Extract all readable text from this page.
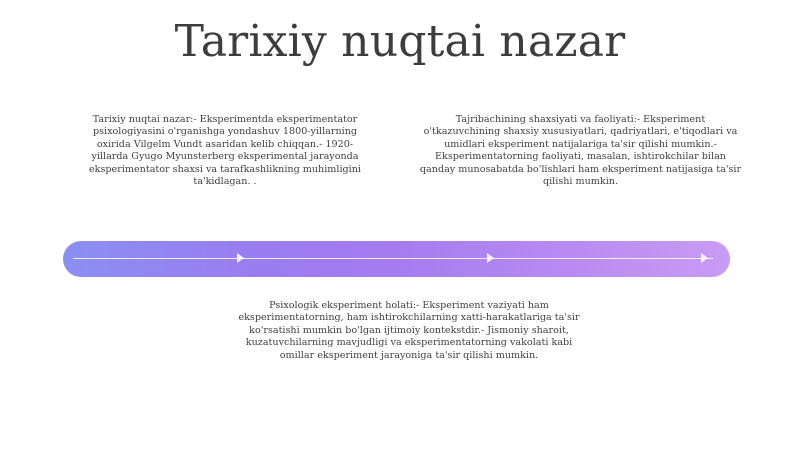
Tarixiy nuqtai nazar

Tarixiy nuqtai nazar:- Eksperimentda eksperimentator psixologiyasini o'rganishga yondashuv 1800-yillarning oxirida Vilgelm Vundt asaridan kelib chiqqan.- 1920-yillarda Gyugo Myunsterberg eksperimental jarayonda eksperimentator shaxsi va tarafkashlikning muhimligini ta'kidlagan. .

Tajribachining shaxsiyati va faoliyati:- Eksperiment o'tkazuvchining shaxsiy xususiyatlari, qadriyatlari, e'tiqodlari va umidlari eksperiment natijalariga ta'sir qilishi mumkin.- Eksperimentatorning faoliyati, masalan, ishtirokchilar bilan qanday munosabatda bo'lishlari ham eksperiment natijasiga ta'sir qilishi mumkin.

Psixologik eksperiment holati:- Eksperiment vaziyati ham eksperimentatorning, ham ishtirokchilarning xatti-harakatlariga ta'sir ko'rsatishi mumkin bo'lgan ijtimoiy kontekstdir.- Jismoniy sharoit, kuzatuvchilarning mavjudligi va eksperimentatorning vakolati kabi omillar eksperiment jarayoniga ta'sir qilishi mumkin.
